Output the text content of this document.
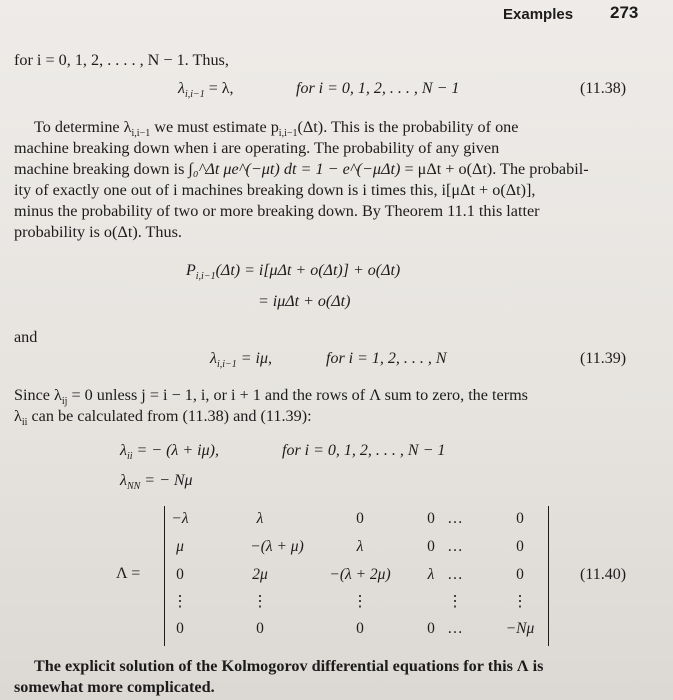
Examples 273
for i = 0, 1, 2, . . . . , N − 1. Thus,
$\lambda_{i,i-1} = \lambda$,	for i = 0, 1, 2, . . . , N − 1	(11.38)
To determine $\lambda_{i,i-1}$ we must estimate $p_{i,i-1}(\Delta t)$. This is the probability of one
machine breaking down when i are operating. The probability of any given
machine breaking down is ∫₀^Δt μe^(−μt) dt = 1 − e^(−μΔt) = μΔt + o(Δt). The probabil-
ity of exactly one out of i machines breaking down is i times this, i[μΔt + o(Δt)],
minus the probability of two or more breaking down. By Theorem 11.1 this latter
probability is o(Δt). Thus.
$P_{i,i-1}(\Delta t) = i[\mu\Delta t + o(\Delta t)] + o(\Delta t)$
= iμΔt + o(Δt)
and
$\lambda_{i,i-1} = i\mu$,	for i = 1, 2, . . . , N	(11.39)
Since $\lambda_{ij} = 0$ unless j = i − 1, i, or i + 1 and the rows of Λ sum to zero, the terms
$\lambda_{ii}$ can be calculated from (11.38) and (11.39):
$\lambda_{ii}$ = − (λ + iμ),	for i = 0, 1, 2, . . . , N − 1
$\lambda_{NN}$ = − Nμ
Λ =
−λ	λ	0	0 …	0
μ	−(λ + μ)	λ	0 …	0
0	2μ	−(λ + 2μ)	λ …	0
⋮	⋮	⋮	⋮	⋮
0	0	0	0 …	−Nμ
(11.40)
The explicit solution of the Kolmogorov differential equations for this Λ is
somewhat more complicated.
